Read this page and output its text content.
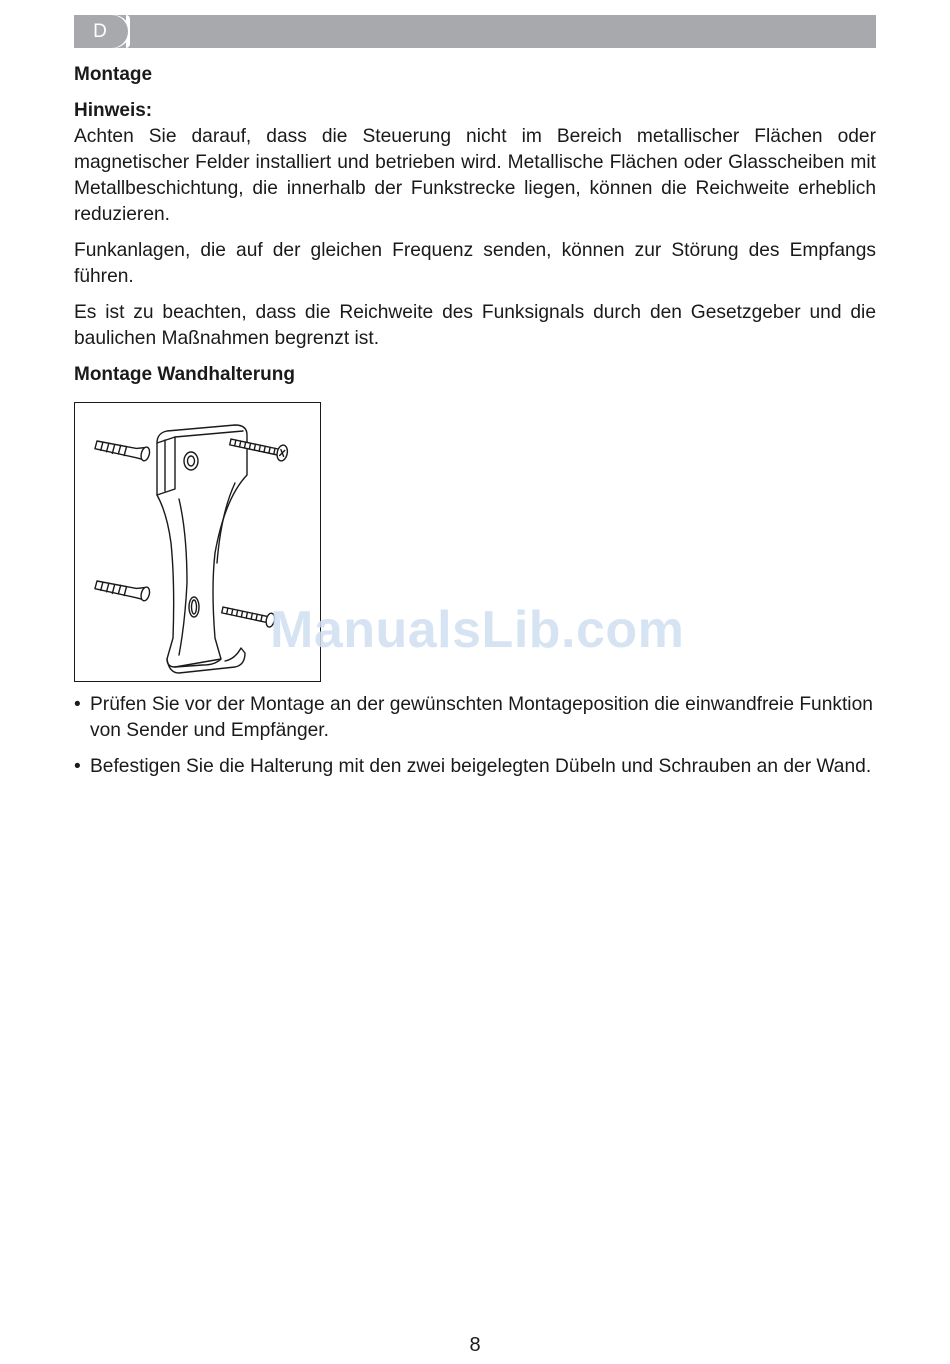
D
Montage
Hinweis:

Achten Sie darauf, dass die Steuerung nicht im Bereich metallischer Flächen oder magnetischer Felder installiert und betrieben wird. Metallische Flächen oder Glasscheiben mit Metallbeschichtung, die innerhalb der Funkstrecke liegen, können die Reichweite erheblich reduzieren.

Funkanlagen, die auf der gleichen Frequenz senden, können zur Störung des Empfangs führen.

Es ist zu beachten, dass die Reichweite des Funksignals durch den Gesetzgeber und die baulichen Maßnahmen begrenzt ist.

Montage Wandhalterung
• Prüfen Sie vor der Montage an der gewünschten Montageposition die einwandfreie Funktion von Sender und Empfänger.
• Befestigen Sie die Halterung mit den zwei beigelegten Dübeln und Schrauben an der Wand.
ManualsLib.com
8
